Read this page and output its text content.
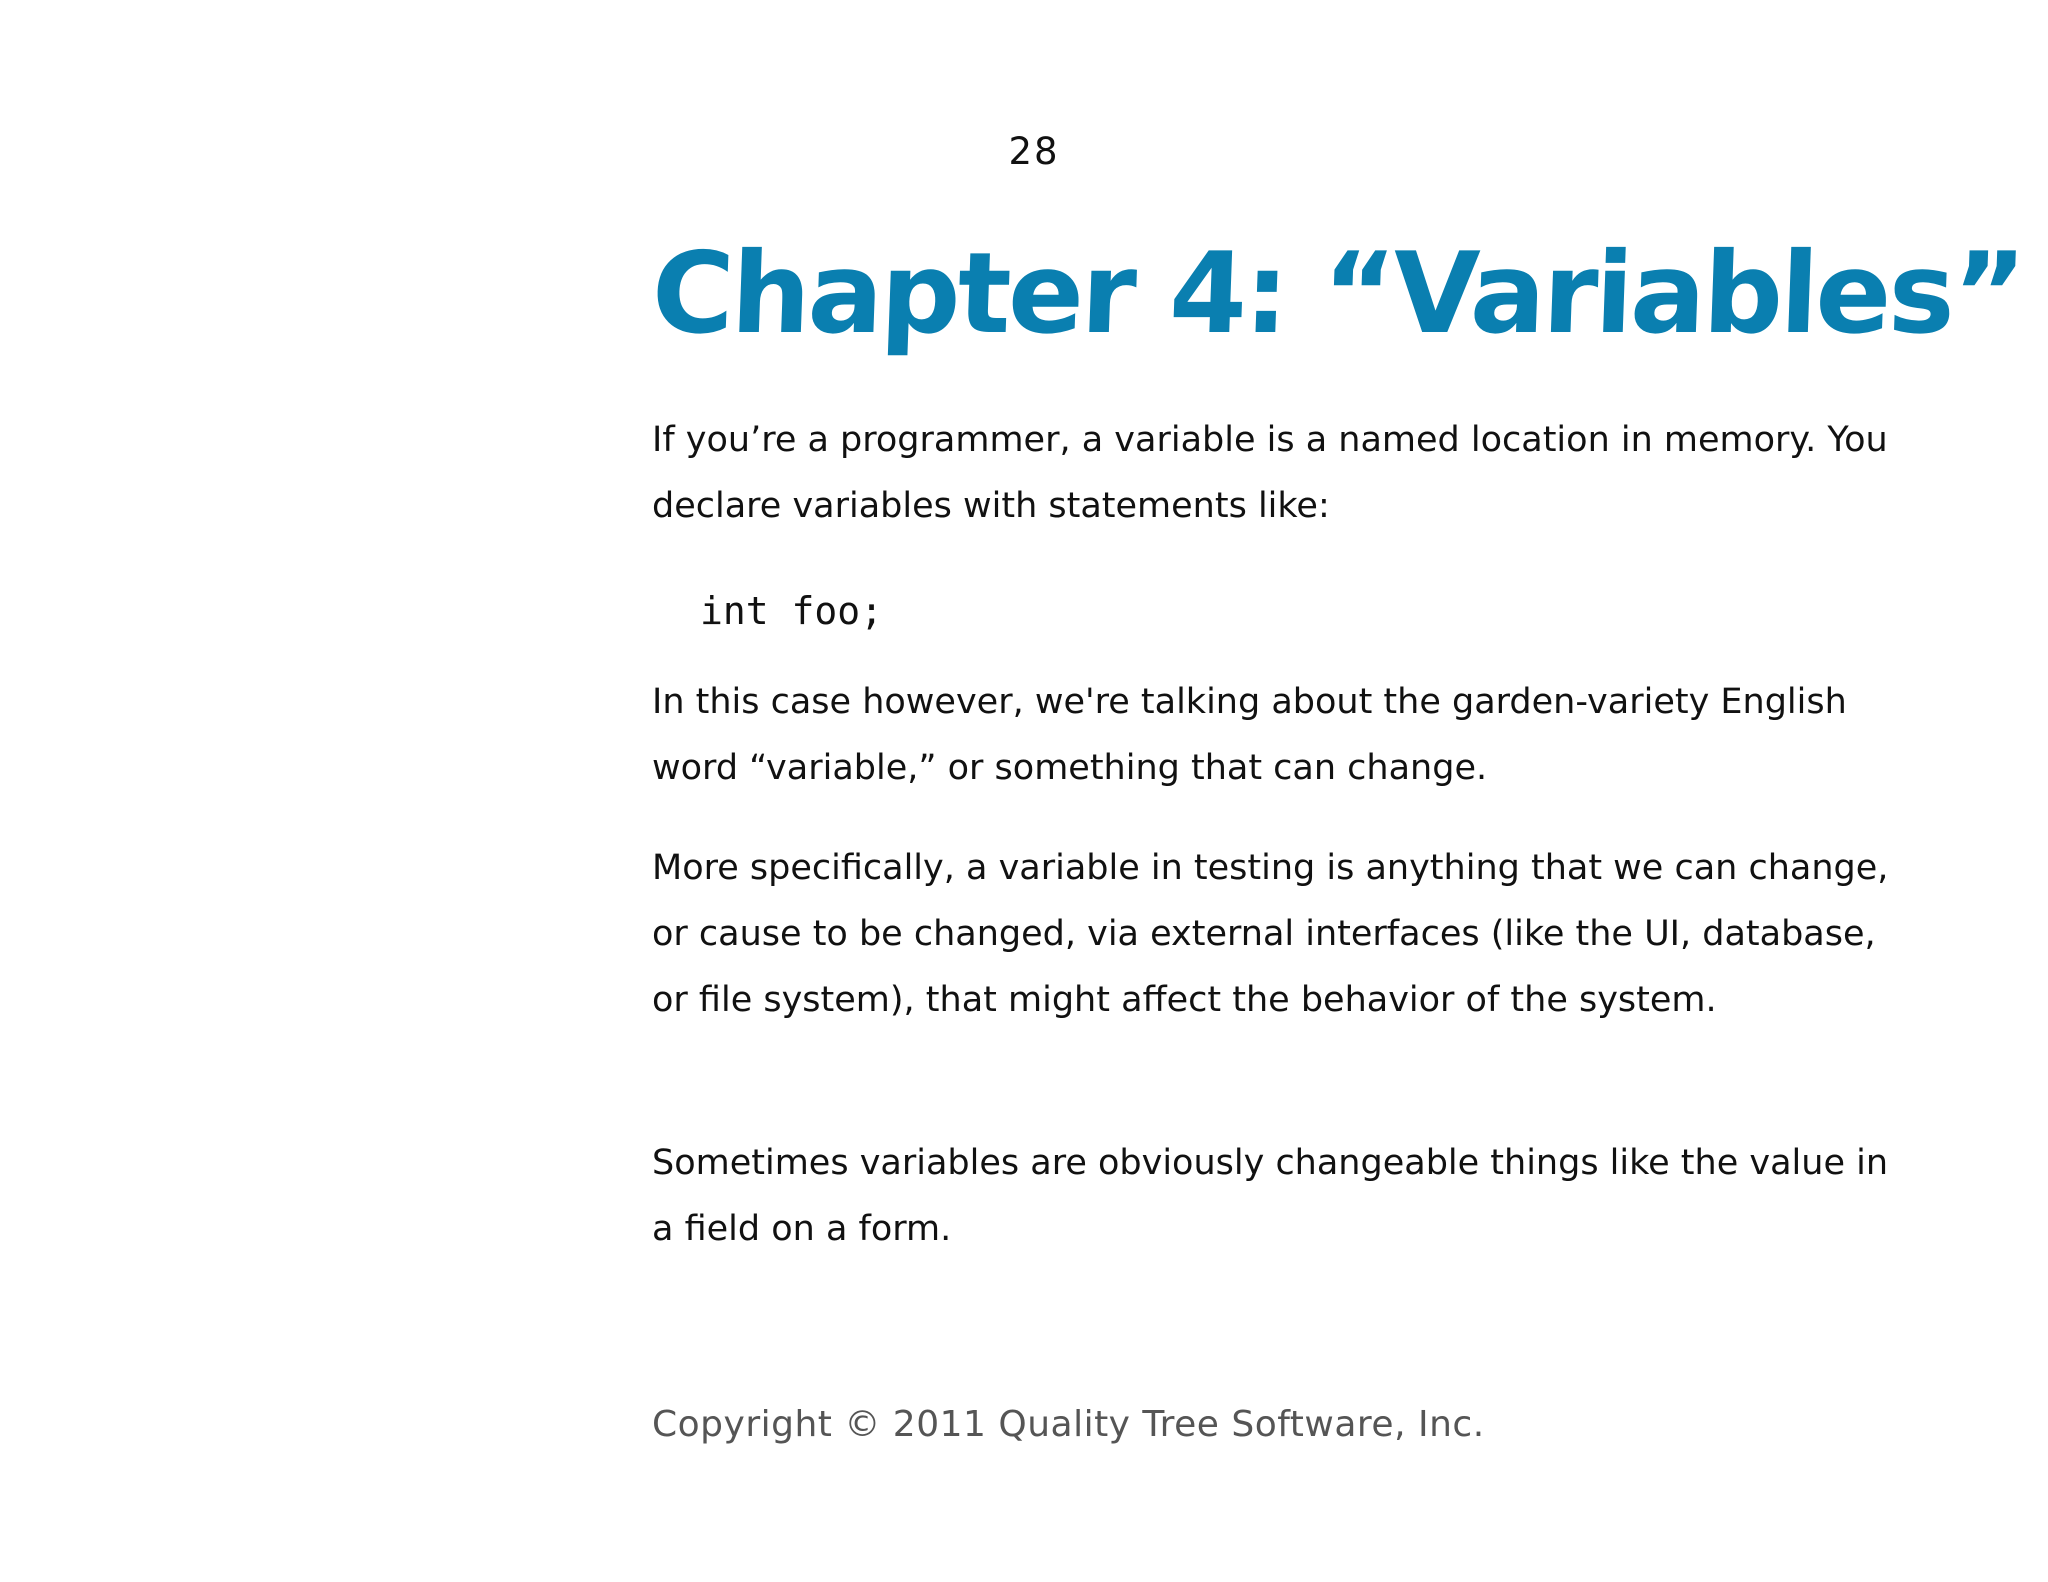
28
Chapter 4: “Variables”

If you’re a programmer, a variable is a named location in memory. You declare variables with statements like:

int foo;

In this case however, we're talking about the garden-variety English word “variable,” or something that can change.

More specifically, a variable in testing is anything that we can change, or cause to be changed, via external interfaces (like the UI, database, or file system), that might affect the behavior of the system.

Sometimes variables are obviously changeable things like the value in a field on a form.

Copyright © 2011 Quality Tree Software, Inc.
